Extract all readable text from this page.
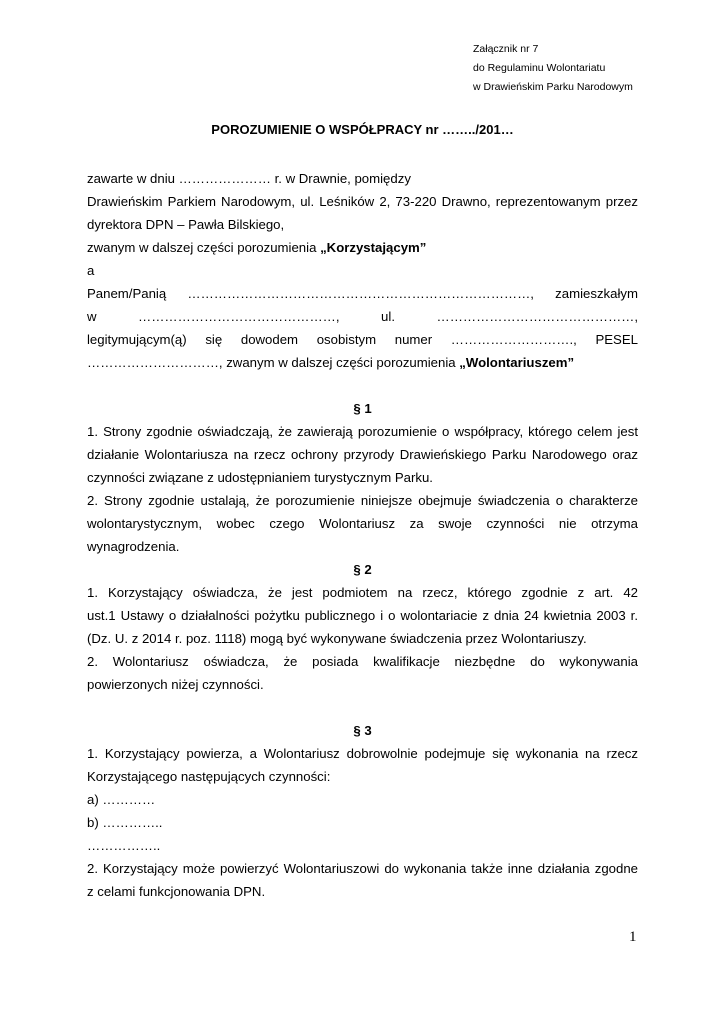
Załącznik nr 7
do Regulaminu Wolontariatu
w Drawieńskim Parku Narodowym
POROZUMIENIE O WSPÓŁPRACY nr ……../201…

zawarte w dniu ………………… r. w Drawnie, pomiędzy

Drawieńskim Parkiem Narodowym, ul. Leśników 2, 73-220 Drawno, reprezentowanym przez

dyrektora DPN – Pawła Bilskiego,

zwanym w dalszej części porozumienia „Korzystającym”

a

Panem/Panią ……………………………………………………………………, zamieszkałym

w ………………………………………, ul. ………………………………………,

legitymującym(ą) się dowodem osobistym numer ………………………., PESEL

…………………………, zwanym w dalszej części porozumienia „Wolontariuszem”

§ 1

1. Strony zgodnie oświadczają, że zawierają porozumienie o współpracy, którego celem jest

działanie Wolontariusza na rzecz ochrony przyrody Drawieńskiego Parku Narodowego oraz

czynności związane z udostępnianiem turystycznym Parku.

2. Strony zgodnie ustalają, że porozumienie niniejsze obejmuje świadczenia o charakterze

wolontarystycznym, wobec czego Wolontariusz za swoje czynności nie otrzyma

wynagrodzenia.

§ 2

1. Korzystający oświadcza, że jest podmiotem na rzecz, którego zgodnie z art. 42

ust.1 Ustawy o działalności pożytku publicznego i o wolontariacie z dnia 24 kwietnia 2003 r.

(Dz. U. z 2014 r. poz. 1118) mogą być wykonywane świadczenia przez Wolontariuszy.

2. Wolontariusz oświadcza, że posiada kwalifikacje niezbędne do wykonywania

powierzonych niżej czynności.

§ 3

1. Korzystający powierza, a Wolontariusz dobrowolnie podejmuje się wykonania na rzecz

Korzystającego następujących czynności:

a) …………

b) …………..

……………..

2. Korzystający może powierzyć Wolontariuszowi do wykonania także inne działania zgodne

z celami funkcjonowania DPN.

1
